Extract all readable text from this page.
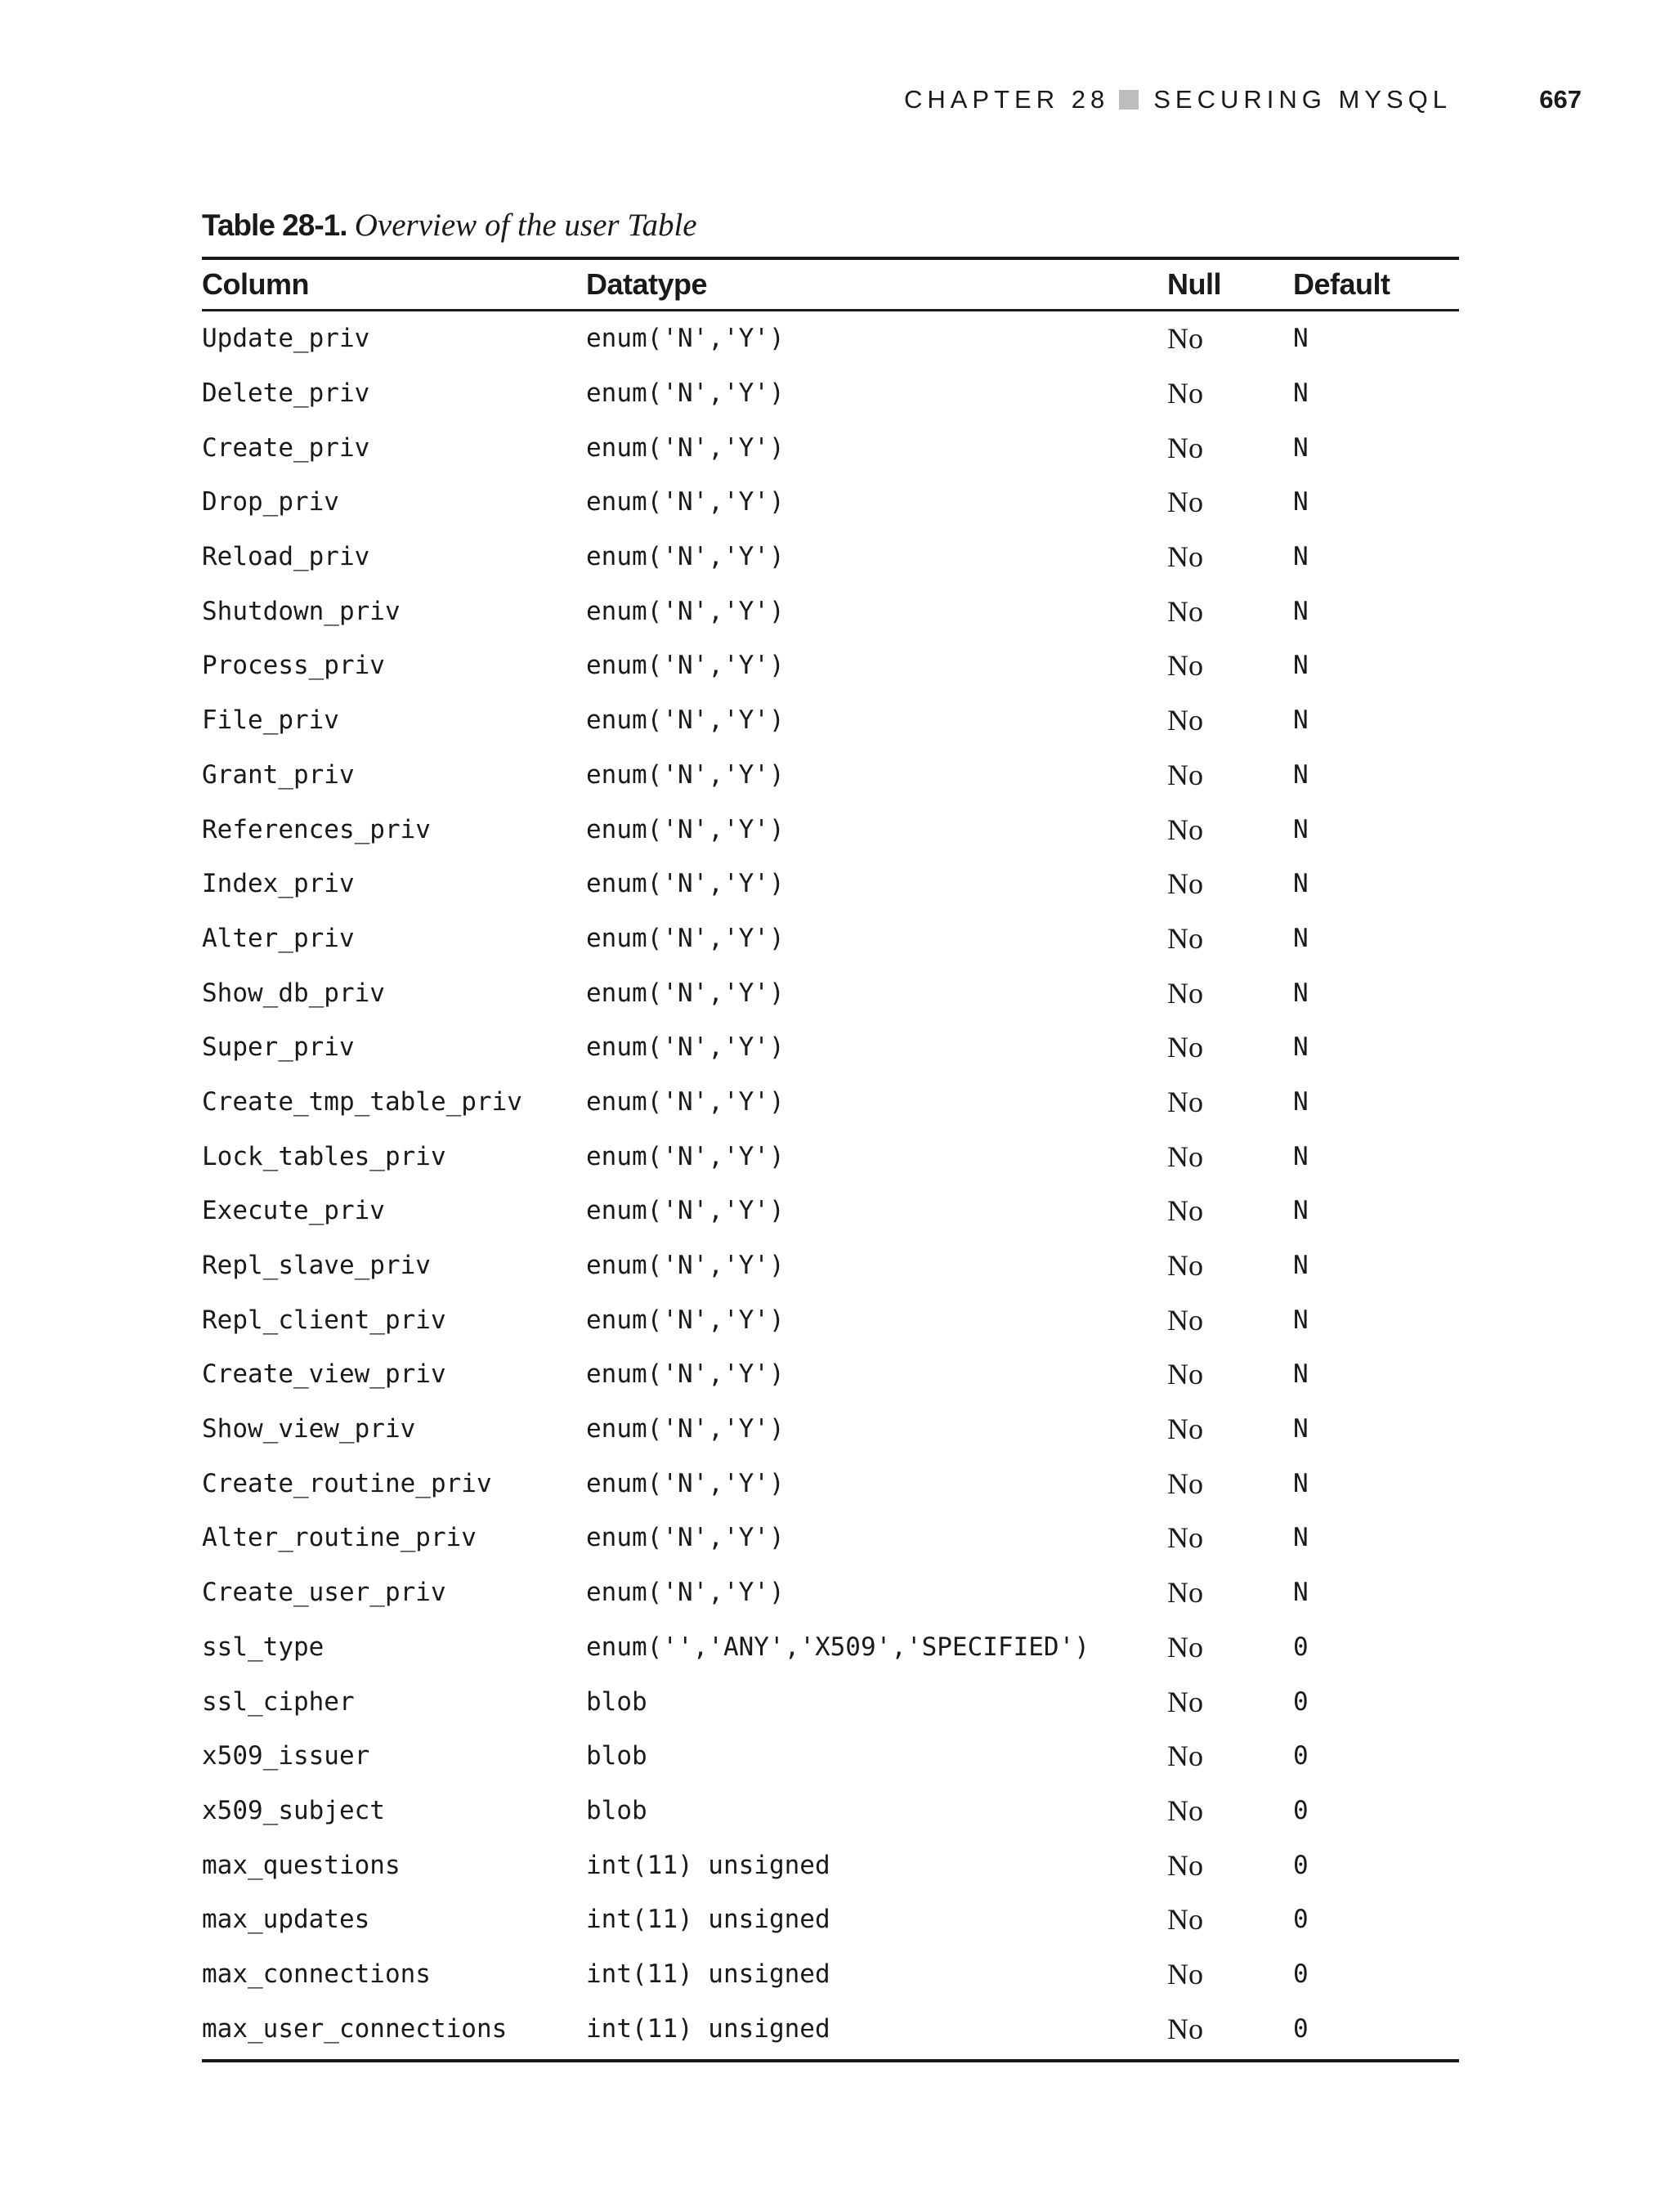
CHAPTER 28 SECURING MYSQL	667
Table 28-1. Overview of the user Table
Column	Datatype	Null	Default
Update_priv	enum('N','Y')	No	N
Delete_priv	enum('N','Y')	No	N
Create_priv	enum('N','Y')	No	N
Drop_priv	enum('N','Y')	No	N
Reload_priv	enum('N','Y')	No	N
Shutdown_priv	enum('N','Y')	No	N
Process_priv	enum('N','Y')	No	N
File_priv	enum('N','Y')	No	N
Grant_priv	enum('N','Y')	No	N
References_priv	enum('N','Y')	No	N
Index_priv	enum('N','Y')	No	N
Alter_priv	enum('N','Y')	No	N
Show_db_priv	enum('N','Y')	No	N
Super_priv	enum('N','Y')	No	N
Create_tmp_table_priv	enum('N','Y')	No	N
Lock_tables_priv	enum('N','Y')	No	N
Execute_priv	enum('N','Y')	No	N
Repl_slave_priv	enum('N','Y')	No	N
Repl_client_priv	enum('N','Y')	No	N
Create_view_priv	enum('N','Y')	No	N
Show_view_priv	enum('N','Y')	No	N
Create_routine_priv	enum('N','Y')	No	N
Alter_routine_priv	enum('N','Y')	No	N
Create_user_priv	enum('N','Y')	No	N
ssl_type	enum('','ANY','X509','SPECIFIED')	No	0
ssl_cipher	blob	No	0
x509_issuer	blob	No	0
x509_subject	blob	No	0
max_questions	int(11) unsigned	No	0
max_updates	int(11) unsigned	No	0
max_connections	int(11) unsigned	No	0
max_user_connections	int(11) unsigned	No	0
